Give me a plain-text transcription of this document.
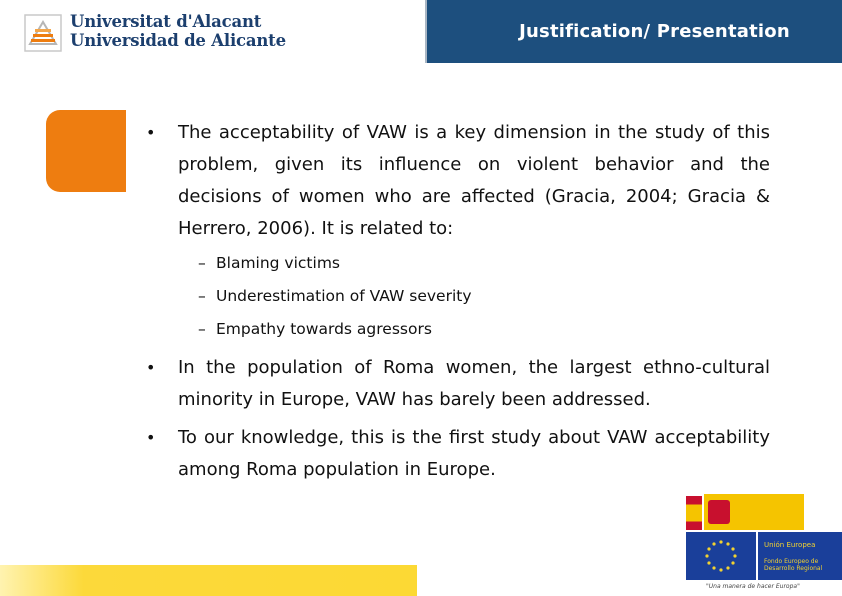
Universitat d'Alacant
Universidad de Alicante	Justification/ Presentation
• The acceptability of VAW is a key dimension in the study of this problem, given its influence on violent behavior and the decisions of women who are affected (Gracia, 2004; Gracia & Herrero, 2006). It is related to:
– Blaming victims
– Underestimation of VAW severity
– Empathy towards agressors
• In the population of Roma women, the largest ethno-cultural minority in Europe, VAW has barely been addressed.
• To our knowledge, this is the first study about VAW acceptability among Roma population in Europe.
Unión Europea
Fondo Europeo de Desarrollo Regional
"Una manera de hacer Europa"
